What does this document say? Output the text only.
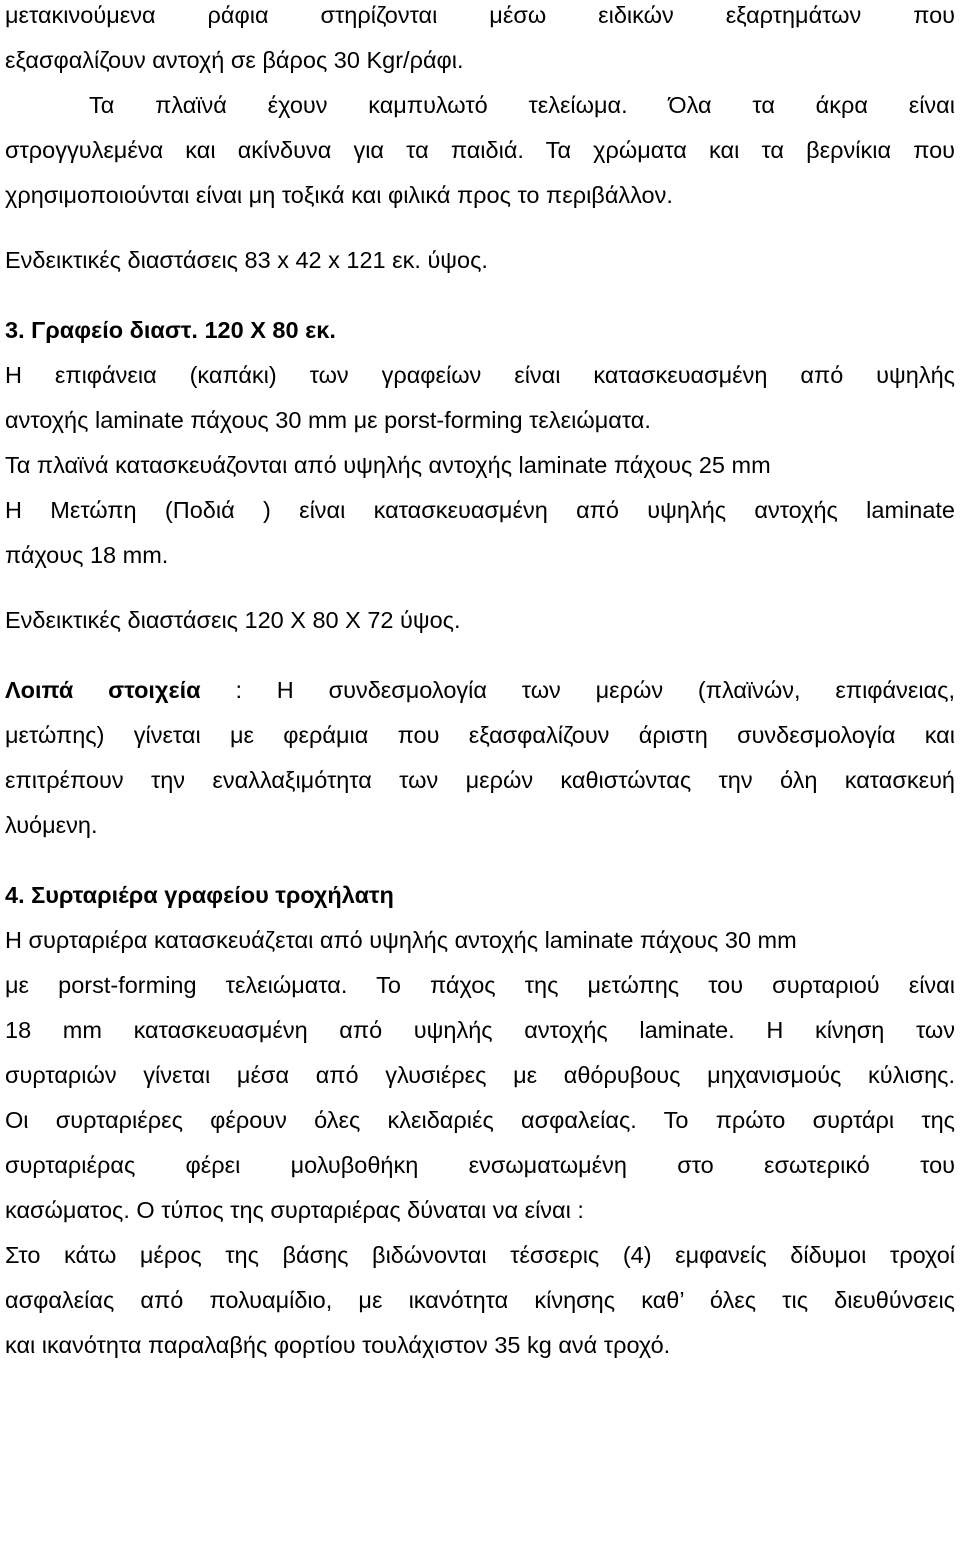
μετακινούμενα ράφια στηρίζονται μέσω ειδικών εξαρτημάτων που
εξασφαλίζουν αντοχή σε βάρος 30 Kgr/ράφι.
Τα πλαϊνά έχουν καμπυλωτό τελείωμα. Όλα τα άκρα είναι
στρογγυλεμένα και ακίνδυνα για τα παιδιά. Τα χρώματα και τα βερνίκια που
χρησιμοποιούνται είναι μη τοξικά και φιλικά προς το περιβάλλον.
Ενδεικτικές διαστάσεις 83 x 42 x 121 εκ. ύψος.
3. Γραφείο διαστ. 120 Χ 80 εκ.
Η επιφάνεια (καπάκι) των γραφείων είναι κατασκευασμένη από υψηλής
αντοχής laminate πάχους 30 mm με porst-forming τελειώματα.
Τα πλαϊνά κατασκευάζονται από υψηλής αντοχής laminate πάχους 25 mm
Η Μετώπη (Ποδιά ) είναι κατασκευασμένη από υψηλής αντοχής laminate
πάχους 18 mm.
Ενδεικτικές διαστάσεις 120 Χ 80 Χ 72 ύψος.
Λοιπά στοιχεία : Η συνδεσμολογία των μερών (πλαϊνών, επιφάνειας,
μετώπης) γίνεται με φεράμια που εξασφαλίζουν άριστη συνδεσμολογία και
επιτρέπουν την εναλλαξιμότητα των μερών καθιστώντας την όλη κατασκευή
λυόμενη.
4. Συρταριέρα γραφείου τροχήλατη
Η συρταριέρα κατασκευάζεται από υψηλής αντοχής laminate πάχους 30 mm
με porst-forming τελειώματα. Το πάχος της μετώπης του συρταριού είναι
18 mm κατασκευασμένη από υψηλής αντοχής laminate. Η κίνηση των
συρταριών γίνεται μέσα από γλυσιέρες με αθόρυβους μηχανισμούς κύλισης.
Οι συρταριέρες φέρουν όλες κλειδαριές ασφαλείας. Το πρώτο συρτάρι της
συρταριέρας φέρει μολυβοθήκη ενσωματωμένη στο εσωτερικό του
κασώματος. Ο τύπος της συρταριέρας δύναται να είναι :
Στο κάτω μέρος της βάσης βιδώνονται τέσσερις (4) εμφανείς δίδυμοι τροχοί
ασφαλείας από πολυαμίδιο, με ικανότητα κίνησης καθ’ όλες τις διευθύνσεις
και ικανότητα παραλαβής φορτίου τουλάχιστον 35 kg ανά τροχό.
